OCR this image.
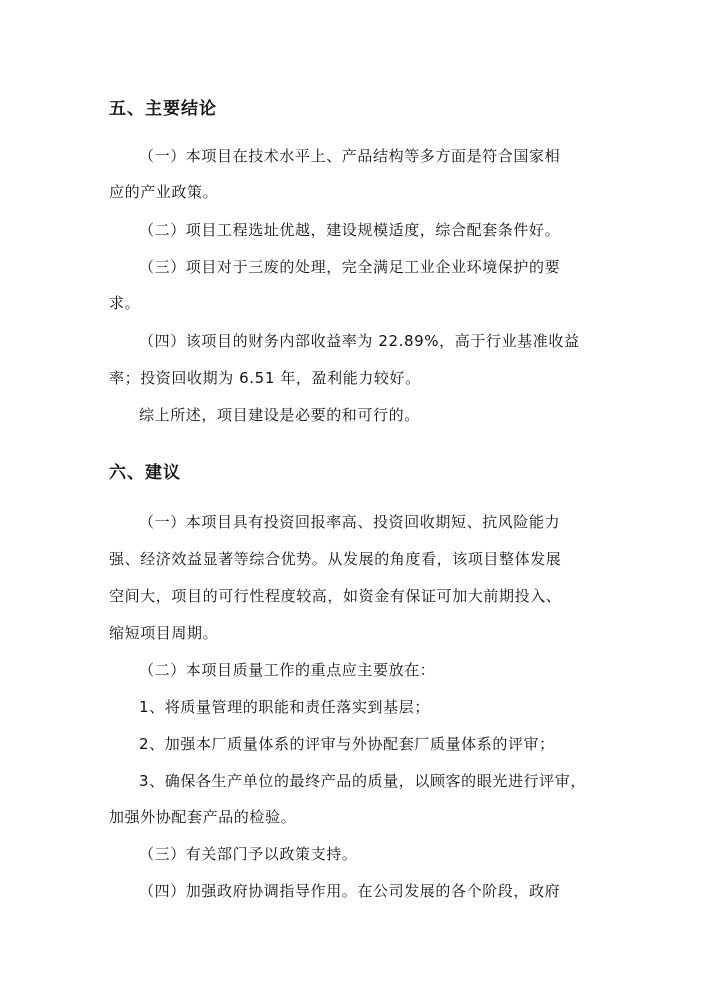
五、主要结论
（一）本项目在技术水平上、产品结构等多方面是符合国家相
应的产业政策。
（二）项目工程选址优越，建设规模适度，综合配套条件好。
（三）项目对于三废的处理，完全满足工业企业环境保护的要
求。
（四）该项目的财务内部收益率为 22.89%，高于行业基准收益
率；投资回收期为 6.51 年，盈利能力较好。
综上所述，项目建设是必要的和可行的。
六、建议
（一）本项目具有投资回报率高、投资回收期短、抗风险能力
强、经济效益显著等综合优势。从发展的角度看，该项目整体发展
空间大，项目的可行性程度较高，如资金有保证可加大前期投入、
缩短项目周期。
（二）本项目质量工作的重点应主要放在：
1、将质量管理的职能和责任落实到基层；
2、加强本厂质量体系的评审与外协配套厂质量体系的评审；
3、确保各生产单位的最终产品的质量，以顾客的眼光进行评审，
加强外协配套产品的检验。
（三）有关部门予以政策支持。
（四）加强政府协调指导作用。在公司发展的各个阶段，政府
